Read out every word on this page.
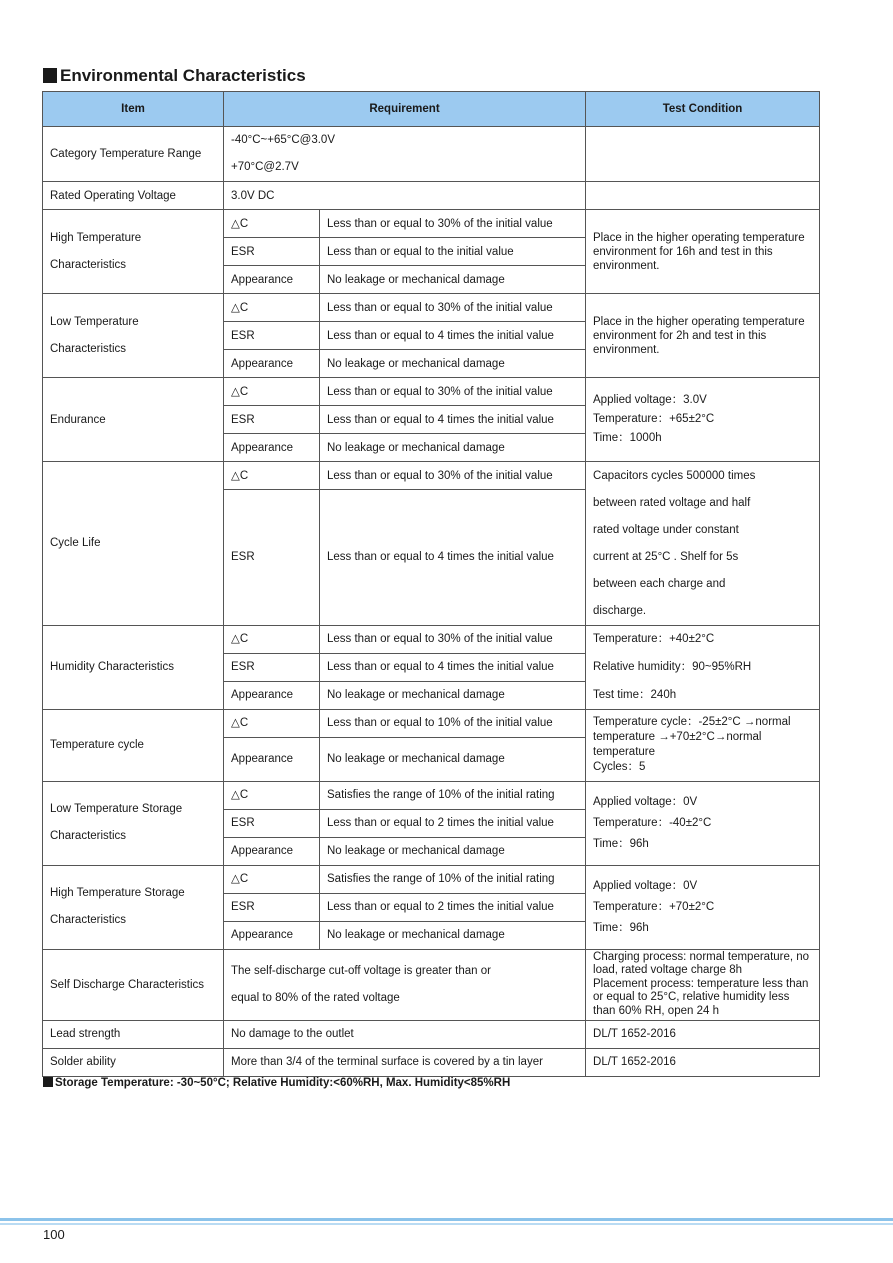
Environmental Characteristics
Item	Requirement		Test Condition
Category Temperature Range	-40°C~+65°C@3.0V
+70°C@2.7V		
Rated Operating Voltage	3.0V DC		
High Temperature
Characteristics	△C	Less than or equal to 30% of the initial value	Place in the higher operating temperature environment for 16h and test in this environment.
	ESR	Less than or equal to the initial value	
	Appearance	No leakage or mechanical damage	
Low Temperature
Characteristics	△C	Less than or equal to 30% of the initial value	Place in the higher operating temperature environment for 2h and test in this environment.
	ESR	Less than or equal to 4 times the initial value	
	Appearance	No leakage or mechanical damage	
Endurance	△C	Less than or equal to 30% of the initial value	Applied voltage：3.0V
Temperature：+65±2°C
Time：1000h
	ESR	Less than or equal to 4 times the initial value	
	Appearance	No leakage or mechanical damage	
Cycle Life	△C	Less than or equal to 30% of the initial value	Capacitors cycles 500000 times
	ESR	Less than or equal to 4 times the initial value	between rated voltage and half
rated voltage under constant
current at 25°C . Shelf for 5s
between each charge and
discharge.
Humidity Characteristics	△C	Less than or equal to 30% of the initial value	Temperature：+40±2°C
	ESR	Less than or equal to 4 times the initial value	Relative humidity：90~95%RH
	Appearance	No leakage or mechanical damage	Test time：240h
Temperature cycle	△C	Less than or equal to 10% of the initial value	Temperature cycle：-25±2°C →normal temperature →+70±2°C→normal temperature
Cycles：5
	Appearance	No leakage or mechanical damage	
Low Temperature Storage
Characteristics	△C	Satisfies the range of 10% of the initial rating	Applied voltage：0V
Temperature：-40±2°C
Time：96h
	ESR	Less than or equal to 2 times the initial value	
	Appearance	No leakage or mechanical damage	
High Temperature Storage
Characteristics	△C	Satisfies the range of 10% of the initial rating	Applied voltage：0V
Temperature：+70±2°C
Time：96h
	ESR	Less than or equal to 2 times the initial value	
	Appearance	No leakage or mechanical damage	
Self Discharge Characteristics	The self-discharge cut-off voltage is greater than or
equal to 80% of the rated voltage		Charging process: normal temperature, no load, rated voltage charge 8h
Placement process: temperature less than or equal to 25°C, relative humidity less than 60% RH, open 24 h
Lead strength	No damage to the outlet		DL/T 1652-2016
Solder ability	More than 3/4 of the terminal surface is covered by a tin layer		DL/T 1652-2016
Storage Temperature: -30~50°C; Relative Humidity:<60%RH, Max. Humidity<85%RH
100
